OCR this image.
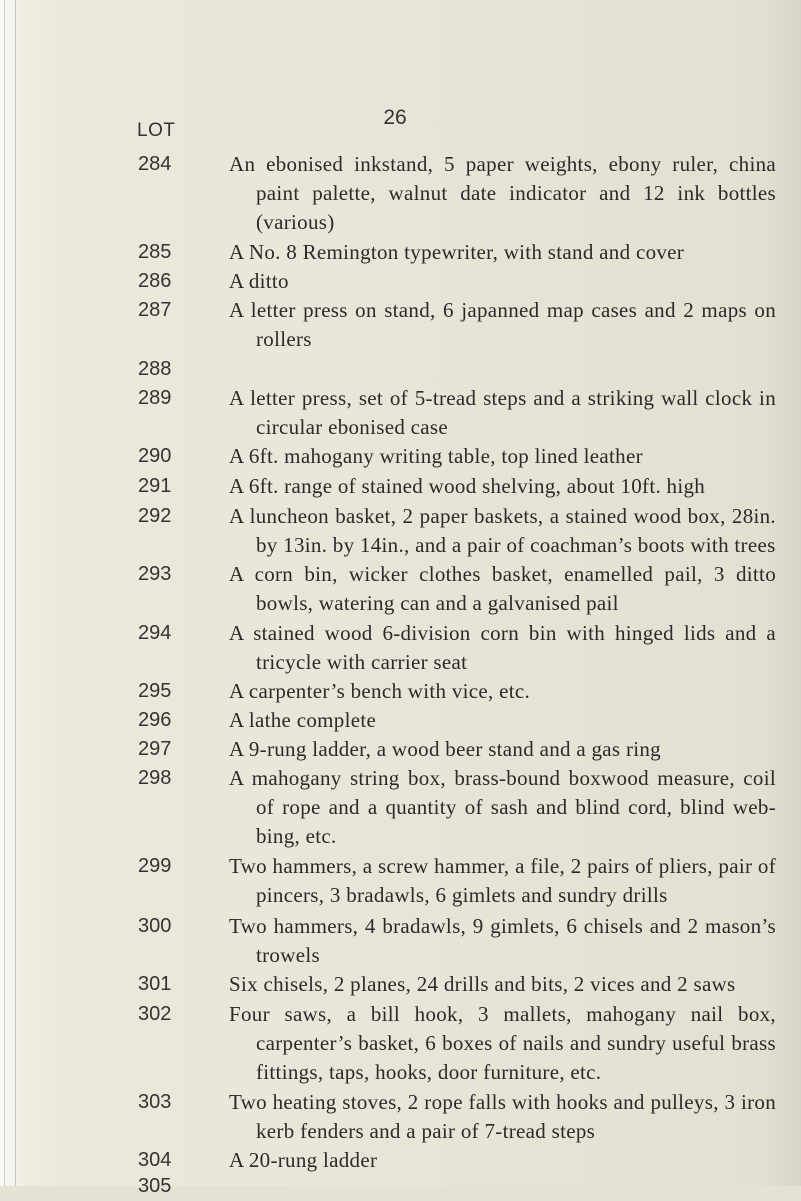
26
LOT
284	An ebonised inkstand, 5 paper weights, ebony ruler, china paint palette, walnut date indicator and 12 ink bottles (various)
285	A No. 8 Remington typewriter, with stand and cover
286	A ditto
287	A letter press on stand, 6 japanned map cases and 2 maps on rollers
288
289	A letter press, set of 5-tread steps and a striking wall clock in circular ebonised case
290	A 6ft. mahogany writing table, top lined leather
291	A 6ft. range of stained wood shelving, about 10ft. high
292	A luncheon basket, 2 paper baskets, a stained wood box, 28in. by 13in. by 14in., and a pair of coachman’s boots with trees
293	A corn bin, wicker clothes basket, enamelled pail, 3 ditto bowls, watering can and a galvanised pail
294	A stained wood 6-division corn bin with hinged lids and a tricycle with carrier seat
295	A carpenter’s bench with vice, etc.
296	A lathe complete
297	A 9-rung ladder, a wood beer stand and a gas ring
298	A mahogany string box, brass-bound boxwood measure, coil of rope and a quantity of sash and blind cord, blind web-bing, etc.
299	Two hammers, a screw hammer, a file, 2 pairs of pliers, pair of pincers, 3 bradawls, 6 gimlets and sundry drills
300	Two hammers, 4 bradawls, 9 gimlets, 6 chisels and 2 mason’s trowels
301	Six chisels, 2 planes, 24 drills and bits, 2 vices and 2 saws
302	Four saws, a bill hook, 3 mallets, mahogany nail box, carpenter’s basket, 6 boxes of nails and sundry useful brass fittings, taps, hooks, door furniture, etc.
303	Two heating stoves, 2 rope falls with hooks and pulleys, 3 iron kerb fenders and a pair of 7-tread steps
304	A 20-rung ladder
305
